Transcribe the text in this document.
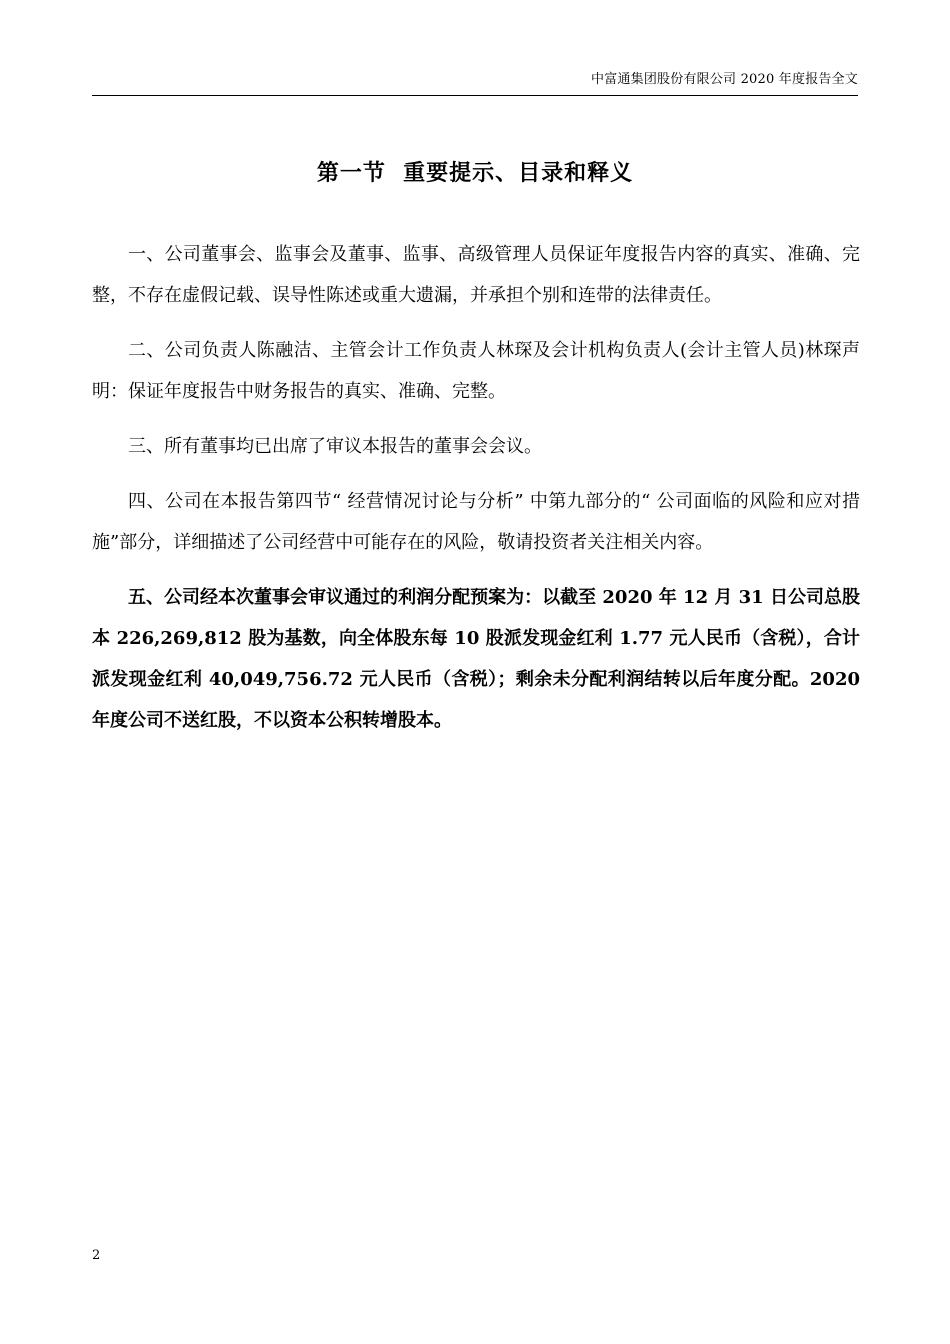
中富通集团股份有限公司 2020 年度报告全文
第一节  重要提示、目录和释义

一、公司董事会、监事会及董事、监事、高级管理人员保证年度报告内容的真实、准确、完整，不存在虚假记载、误导性陈述或重大遗漏，并承担个别和连带的法律责任。

二、公司负责人陈融洁、主管会计工作负责人林琛及会计机构负责人(会计主管人员)林琛声明：保证年度报告中财务报告的真实、准确、完整。

三、所有董事均已出席了审议本报告的董事会会议。

四、公司在本报告第四节“ 经营情况讨论与分析” 中第九部分的“ 公司面临的风险和应对措施”部分，详细描述了公司经营中可能存在的风险，敬请投资者关注相关内容。

五、公司经本次董事会审议通过的利润分配预案为：以截至 2020 年 12 月 31 日公司总股本 226,269,812 股为基数，向全体股东每 10 股派发现金红利 1.77 元人民币（含税），合计派发现金红利 40,049,756.72 元人民币（含税）；剩余未分配利润结转以后年度分配。2020 年度公司不送红股，不以资本公积转增股本。

2
